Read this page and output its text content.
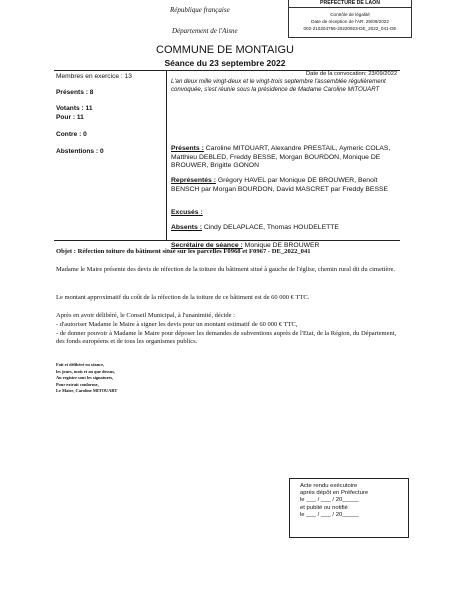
République française
Département de l'Aisne
PREFECTURE DE LAON
Contrôle de légalité
Date de réception de l'AR: 29/09/2022
002-210204756-20220923-DE_2022_041-DE
COMMUNE DE MONTAIGU
Séance du 23 septembre 2022
Membres en exercice : 13
Présents : 8
Votants : 11
Pour : 11
Contre : 0
Abstentions : 0
Date de la convocation: 23/09/2022
L'an deux mille vingt-deux et le vingt-trois septembre l'assemblée régulièrement convoquée, s'est réunie sous la présidence de Madame Caroline MITOUART
Présents : Caroline MITOUART, Alexandre PRESTAIL, Aymeric COLAS, Matthieu DEBLED, Freddy BESSE, Morgan BOURDON, Monique DE BROUWER, Brigitte GONON
Représentés : Grégory HAVEL par Monique DE BROUWER, Benoît BENSCH par Morgan BOURDON, David MASCRET par Freddy BESSE
Excusés :
Absents : Cindy DELAPLACE, Thomas HOUDELETTE
Secrétaire de séance : Monique DE BROUWER
Objet : Réfection toiture du bâtiment situé sur les parcelles F0968 et F0967 - DE_2022_041
Madame le Maire présente des devis de réfection de la toiture du bâtiment situé à gauche de l'église, chemin rural dit du cimetière.
Le montant approximatif du coût de la réfection de la toiture de ce bâtiment est de 60 000 € TTC.
Après en avoir délibéré, le Conseil Municipal, à l'unanimité, décide :
- d'autoriser Madame le Maire à signer les devis pour un montant estimatif de 60 000 € TTC,
- de donner pouvoir à Madame le Maire pour déposer les demandes de subventions auprès de l'Etat, de la Région, du Département, des fonds européens et de tous les organismes publics.
Fait et délibéré en séance,
les jours, mois et an que dessus,
Au registre sont les signatures,
Pour extrait conforme,
Le Maire, Caroline MITOUART
Acte rendu exécutoire
après dépôt en Préfecture
le ___ / ___ / 20_____
et publié ou notifié
le ___ / ___ / 20_____
